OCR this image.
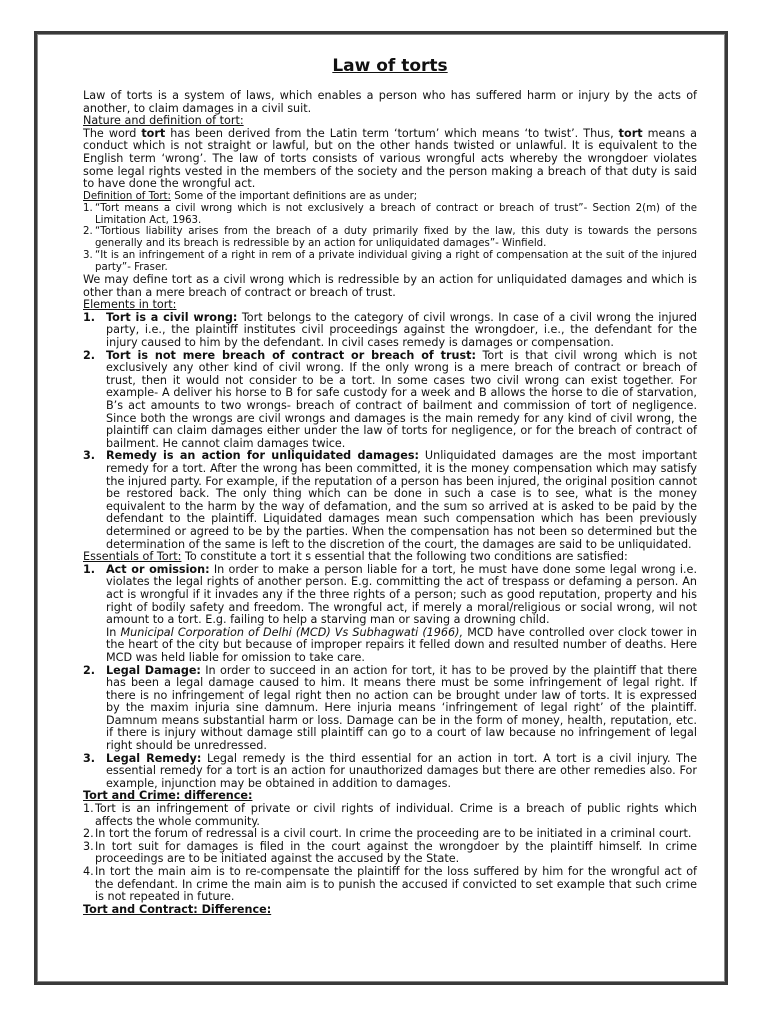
Law of torts

Law of torts is a system of laws, which enables a person who has suffered harm or injury by the acts of another, to claim damages in a civil suit.

Nature and definition of tort:

The word tort has been derived from the Latin term ‘tortum’ which means ‘to twist’. Thus, tort means a conduct which is not straight or lawful, but on the other hands twisted or unlawful. It is equivalent to the English term ‘wrong’. The law of torts consists of various wrongful acts whereby the wrongdoer violates some legal rights vested in the members of the society and the person making a breach of that duty is said to have done the wrongful act.

Definition of Tort: Some of the important definitions are as under;

1. “Tort means a civil wrong which is not exclusively a breach of contract or breach of trust”- Section 2(m) of the Limitation Act, 1963.
2. “Tortious liability arises from the breach of a duty primarily fixed by the law, this duty is towards the persons generally and its breach is redressible by an action for unliquidated damages”- Winfield.
3. “It is an infringement of a right in rem of a private individual giving a right of compensation at the suit of the injured party”- Fraser.

We may define tort as a civil wrong which is redressible by an action for unliquidated damages and which is other than a mere breach of contract or breach of trust.

Elements in tort:

1. Tort is a civil wrong: Tort belongs to the category of civil wrongs. In case of a civil wrong the injured party, i.e., the plaintiff institutes civil proceedings against the wrongdoer, i.e., the defendant for the injury caused to him by the defendant. In civil cases remedy is damages or compensation.
2. Tort is not mere breach of contract or breach of trust: Tort is that civil wrong which is not exclusively any other kind of civil wrong. If the only wrong is a mere breach of contract or breach of trust, then it would not consider to be a tort. In some cases two civil wrong can exist together. For example- A deliver his horse to B for safe custody for a week and B allows the horse to die of starvation, B’s act amounts to two wrongs- breach of contract of bailment and commission of tort of negligence. Since both the wrongs are civil wrongs and damages is the main remedy for any kind of civil wrong, the plaintiff can claim damages either under the law of torts for negligence, or for the breach of contract of bailment. He cannot claim damages twice.
3. Remedy is an action for unliquidated damages: Unliquidated damages are the most important remedy for a tort. After the wrong has been committed, it is the money compensation which may satisfy the injured party. For example, if the reputation of a person has been injured, the original position cannot be restored back. The only thing which can be done in such a case is to see, what is the money equivalent to the harm by the way of defamation, and the sum so arrived at is asked to be paid by the defendant to the plaintiff. Liquidated damages mean such compensation which has been previously determined or agreed to be by the parties. When the compensation has not been so determined but the determination of the same is left to the discretion of the court, the damages are said to be unliquidated.

Essentials of Tort: To constitute a tort it s essential that the following two conditions are satisfied:

1. Act or omission: In order to make a person liable for a tort, he must have done some legal wrong i.e. violates the legal rights of another person. E.g. committing the act of trespass or defaming a person. An act is wrongful if it invades any if the three rights of a person; such as good reputation, property and his right of bodily safety and freedom. The wrongful act, if merely a moral/religious or social wrong, wil not amount to a tort. E.g. failing to help a starving man or saving a drowning child.
In Municipal Corporation of Delhi (MCD) Vs Subhagwati (1966), MCD have controlled over clock tower in the heart of the city but because of improper repairs it felled down and resulted number of deaths. Here MCD was held liable for omission to take care.
2. Legal Damage: In order to succeed in an action for tort, it has to be proved by the plaintiff that there has been a legal damage caused to him. It means there must be some infringement of legal right. If there is no infringement of legal right then no action can be brought under law of torts. It is expressed by the maxim injuria sine damnum. Here injuria means ‘infringement of legal right’ of the plaintiff. Damnum means substantial harm or loss. Damage can be in the form of money, health, reputation, etc. if there is injury without damage still plaintiff can go to a court of law because no infringement of legal right should be unredressed.
3. Legal Remedy: Legal remedy is the third essential for an action in tort. A tort is a civil injury. The essential remedy for a tort is an action for unauthorized damages but there are other remedies also. For example, injunction may be obtained in addition to damages.

Tort and Crime: difference:

1. Tort is an infringement of private or civil rights of individual. Crime is a breach of public rights which affects the whole community.
2. In tort the forum of redressal is a civil court. In crime the proceeding are to be initiated in a criminal court.
3. In tort suit for damages is filed in the court against the wrongdoer by the plaintiff himself. In crime proceedings are to be initiated against the accused by the State.
4. In tort the main aim is to re-compensate the plaintiff for the loss suffered by him for the wrongful act of the defendant. In crime the main aim is to punish the accused if convicted to set example that such crime is not repeated in future.

Tort and Contract: Difference:
